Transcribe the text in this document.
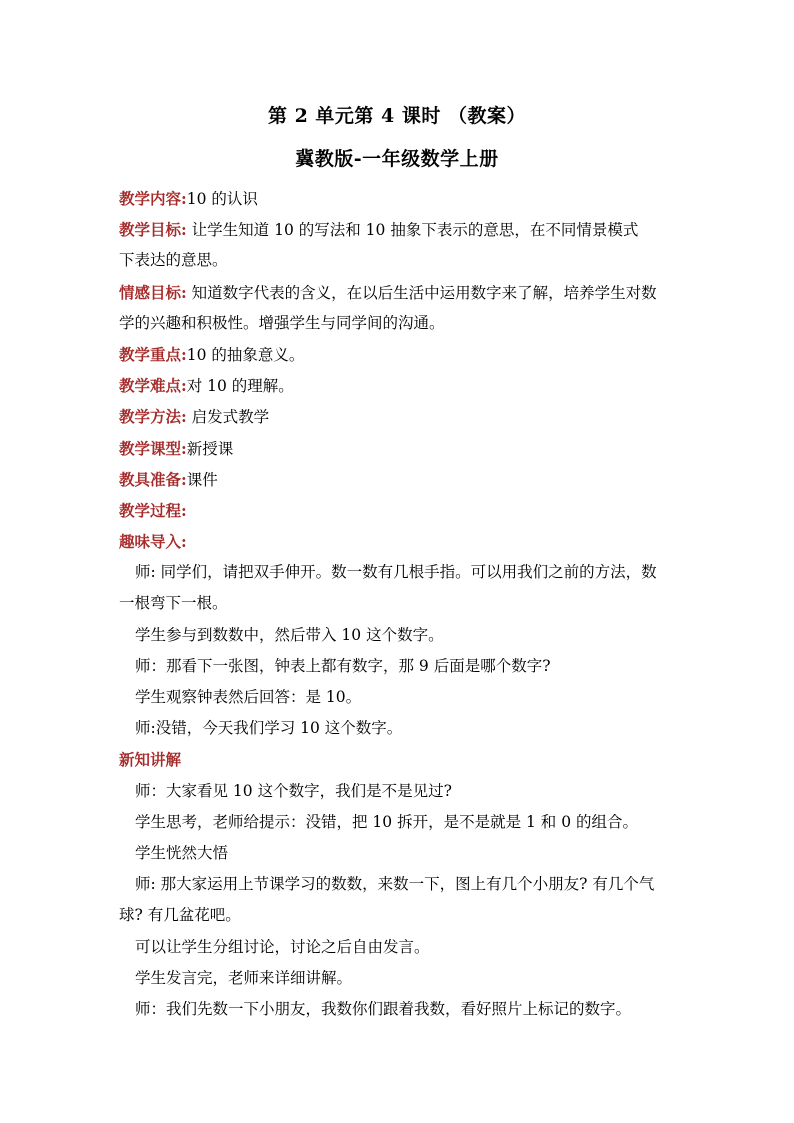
第 2 单元第 4 课时 （教案）
冀教版-一年级数学上册
教学内容:10 的认识
教学目标: 让学生知道 10 的写法和 10 抽象下表示的意思，在不同情景模式
下表达的意思。
情感目标: 知道数字代表的含义，在以后生活中运用数字来了解，培养学生对数
学的兴趣和积极性。增强学生与同学间的沟通。
教学重点:10 的抽象意义。
教学难点:对 10 的理解。
教学方法: 启发式教学
教学课型:新授课
教具准备:课件
教学过程:
趣味导入:
师: 同学们，请把双手伸开。数一数有几根手指。可以用我们之前的方法，数
一根弯下一根。
学生参与到数数中，然后带入 10 这个数字。
师：那看下一张图，钟表上都有数字，那 9 后面是哪个数字?
学生观察钟表然后回答：是 10。
师:没错，今天我们学习 10 这个数字。
新知讲解
师：大家看见 10 这个数字，我们是不是见过?
学生思考，老师给提示：没错，把 10 拆开，是不是就是 1 和 0 的组合。
学生恍然大悟
师: 那大家运用上节课学习的数数，来数一下，图上有几个小朋友? 有几个气
球? 有几盆花吧。
可以让学生分组讨论，讨论之后自由发言。
学生发言完，老师来详细讲解。
师：我们先数一下小朋友，我数你们跟着我数，看好照片上标记的数字。
